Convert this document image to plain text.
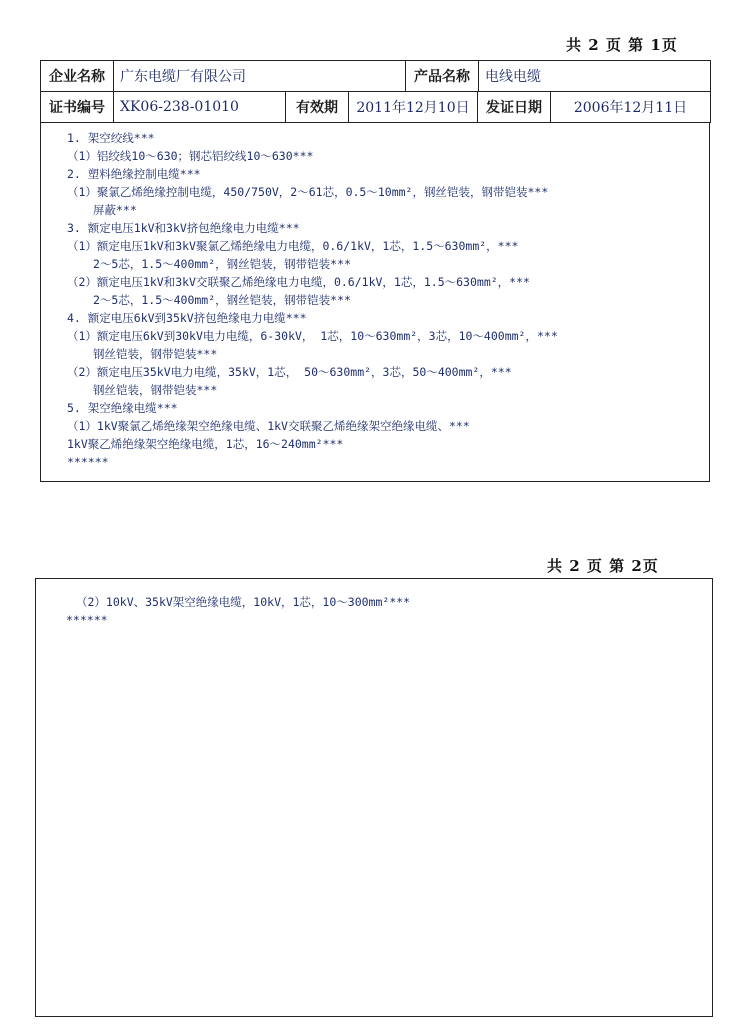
共 2 页 第 1页
企业名称	广东电缆厂有限公司	产品名称	电线电缆
证书编号	XK06-238-01010	有效期	2011年12月10日	发证日期	2006年12月11日
1. 架空绞线***
（1）铝绞线10～630；钢芯铝绞线10～630***
2. 塑料绝缘控制电缆***
（1）聚氯乙烯绝缘控制电缆，450/750V，2～61芯，0.5～10mm²，钢丝铠装，钢带铠装***
屏蔽***
3. 额定电压1kV和3kV挤包绝缘电力电缆***
（1）额定电压1kV和3kV聚氯乙烯绝缘电力电缆，0.6/1kV，1芯，1.5～630mm²，***
2～5芯，1.5～400mm²，钢丝铠装，钢带铠装***
（2）额定电压1kV和3kV交联聚乙烯绝缘电力电缆，0.6/1kV，1芯，1.5～630mm²，***
2～5芯，1.5～400mm²，钢丝铠装，钢带铠装***
4. 额定电压6kV到35kV挤包绝缘电力电缆***
（1）额定电压6kV到30kV电力电缆，6-30kV， 1芯，10～630mm²，3芯，10～400mm²，***
钢丝铠装，钢带铠装***
（2）额定电压35kV电力电缆，35kV，1芯， 50～630mm²，3芯，50～400mm²，***
钢丝铠装，钢带铠装***
5. 架空绝缘电缆***
（1）1kV聚氯乙烯绝缘架空绝缘电缆、1kV交联聚乙烯绝缘架空绝缘电缆、***
1kV聚乙烯绝缘架空绝缘电缆，1芯，16～240mm²***
******
共 2 页 第 2页
（2）10kV、35kV架空绝缘电缆，10kV，1芯，10～300mm²***
******
